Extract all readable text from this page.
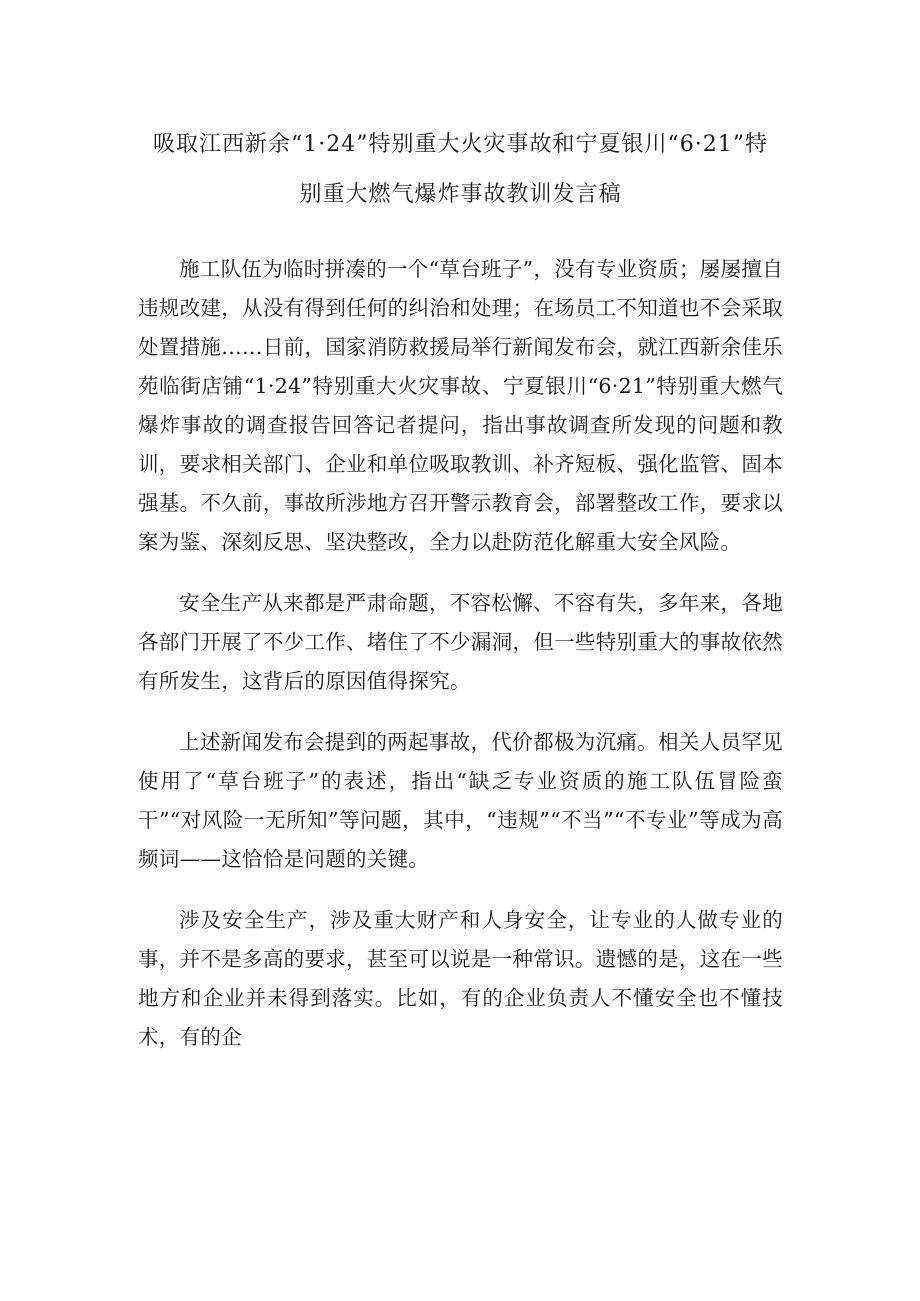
吸取江西新余“1·24”特别重大火灾事故和宁夏银川“6·21”特
别重大燃气爆炸事故教训发言稿

施工队伍为临时拼凑的一个“草台班子”，没有专业资质；屡屡擅自违规改建，从没有得到任何的纠治和处理；在场员工不知道也不会采取处置措施……日前，国家消防救援局举行新闻发布会，就江西新余佳乐苑临街店铺“1·24”特别重大火灾事故、宁夏银川“6·21”特别重大燃气爆炸事故的调查报告回答记者提问，指出事故调查所发现的问题和教训，要求相关部门、企业和单位吸取教训、补齐短板、强化监管、固本强基。不久前，事故所涉地方召开警示教育会，部署整改工作，要求以案为鉴、深刻反思、坚决整改，全力以赴防范化解重大安全风险。

安全生产从来都是严肃命题，不容松懈、不容有失，多年来，各地各部门开展了不少工作、堵住了不少漏洞，但一些特别重大的事故依然有所发生，这背后的原因值得探究。

上述新闻发布会提到的两起事故，代价都极为沉痛。相关人员罕见使用了“草台班子”的表述，指出“缺乏专业资质的施工队伍冒险蛮干”“对风险一无所知”等问题，其中，“违规”“不当”“不专业”等成为高频词——这恰恰是问题的关键。

涉及安全生产，涉及重大财产和人身安全，让专业的人做专业的事，并不是多高的要求，甚至可以说是一种常识。遗憾的是，这在一些地方和企业并未得到落实。比如，有的企业负责人不懂安全也不懂技术，有的企
